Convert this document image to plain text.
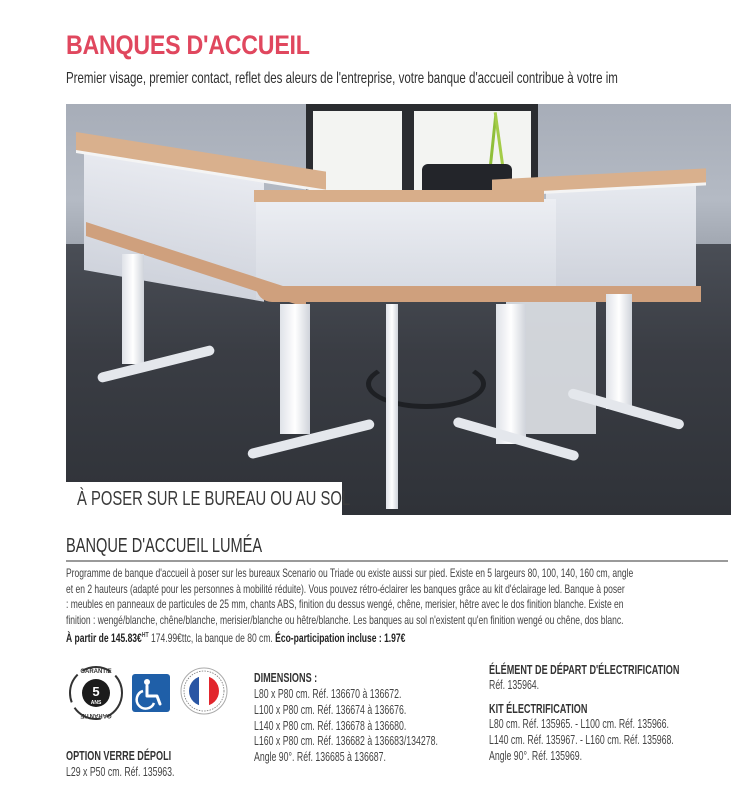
BANQUES D'ACCUEIL
Premier visage, premier contact, reflet des aleurs de l'entreprise, votre banque d'accueil contribue à votre im
À POSER SUR LE BUREAU OU AU SOL
BANQUE D'ACCUEIL LUMÉA
Programme de banque d'accueil à poser sur les bureaux Scenario ou Triade ou existe aussi sur pied. Existe en 5 largeurs 80, 100, 140, 160 cm, angle
et en 2 hauteurs (adapté pour les personnes à mobilité réduite). Vous pouvez rétro-éclairer les banques grâce au kit d'éclairage led. Banque à poser
: meubles en panneaux de particules de 25 mm, chants ABS, finition du dessus wengé, chêne, merisier, hêtre avec le dos finition blanche. Existe en
finition : wengé/blanche, chêne/blanche, merisier/blanche ou hêtre/blanche. Les banques au sol n'existent qu'en finition wengé ou chêne, dos blanc.
À partir de 145.83€$^{HT}$ 174.99€ttc, la banque de 80 cm. Éco-participation incluse : 1.97€
5
ANS
GARANTIE
GARANTIE
OPTION VERRE DÉPOLI
L29 x P50 cm. Réf. 135963.
DIMENSIONS :
L80 x P80 cm. Réf. 136670 à 136672.
L100 x P80 cm. Réf. 136674 à 136676.
L140 x P80 cm. Réf. 136678 à 136680.
L160 x P80 cm. Réf. 136682 à 136683/134278.
Angle 90°. Réf. 136685 à 136687.
ÉLÉMENT DE DÉPART D'ÉLECTRIFICATION
Réf. 135964.
KIT ÉLECTRIFICATION
L80 cm. Réf. 135965. - L100 cm. Réf. 135966.
L140 cm. Réf. 135967. - L160 cm. Réf. 135968.
Angle 90°. Réf. 135969.
